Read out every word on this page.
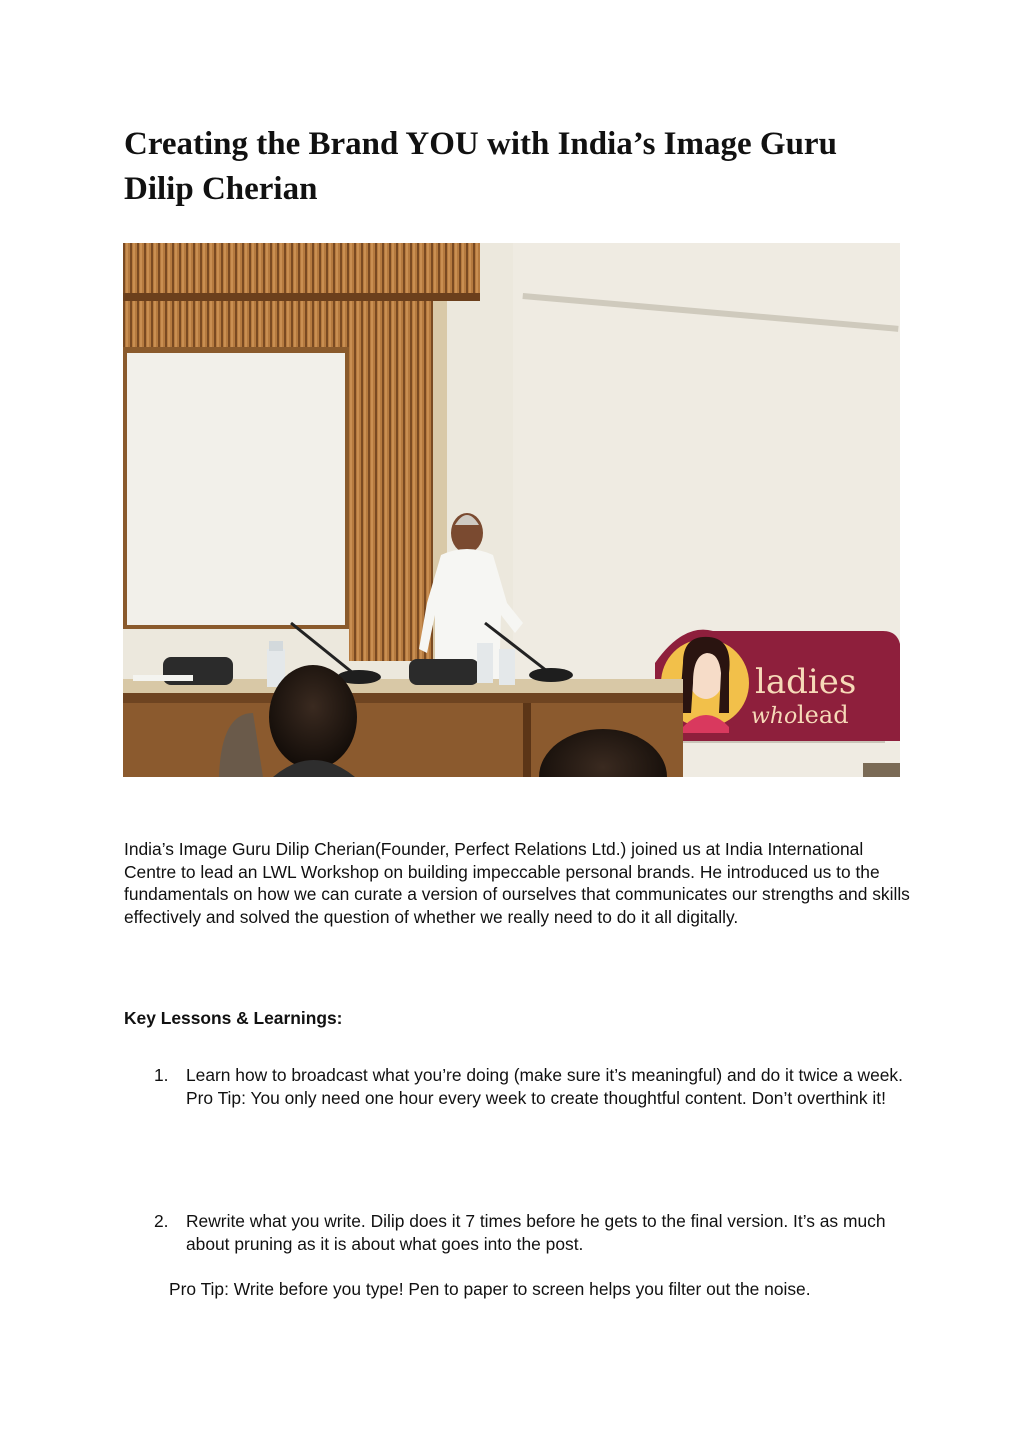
Creating the Brand YOU with India’s Image Guru Dilip Cherian
ladies
who lead

India’s Image Guru Dilip Cherian(Founder, Perfect Relations Ltd.) joined us at India International Centre to lead an LWL Workshop on building impeccable personal brands. He introduced us to the fundamentals on how we can curate a version of ourselves that communicates our strengths and skills effectively and solved the question of whether we really need to do it all digitally.

Key Lessons & Learnings:
1. Learn how to broadcast what you’re doing (make sure it’s meaningful) and do it twice a week.

Pro Tip: You only need one hour every week to create thoughtful content. Don’t overthink it!

2. Rewrite what you write. Dilip does it 7 times before he gets to the final version. It’s as much about pruning as it is about what goes into the post.

Pro Tip: Write before you type! Pen to paper to screen helps you filter out the noise.
